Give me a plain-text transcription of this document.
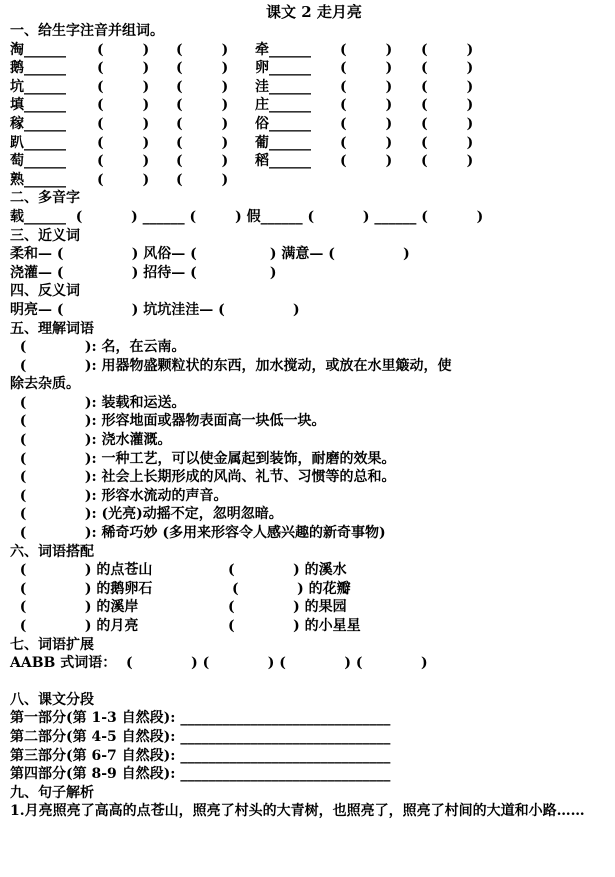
课文 2 走月亮
一、给生字注音并组词。
淘______ (        ) (        ) 牵______ (        ) (        )
鹅______ (        ) (        ) 卵______ (        ) (        )
坑______ (        ) (        ) 洼______ (        ) (        )
填______ (        ) (        ) 庄______ (        ) (        )
稼______ (        ) (        ) 俗______ (        ) (        )
趴______ (        ) (        ) 葡______ (        ) (        )
萄______ (        ) (        ) 稻______ (        ) (        )
熟______ (        ) (        )
二、多音字
载______  (          ) ______ (        ) 假______ (          ) ______ (          )
三、近义词
柔和— (              ) 风俗— (               ) 满意— (              )
浇灌— (              ) 招待— (               )
四、反义词
明亮— (              ) 坑坑洼洼— (              )
五、理解词语
(            ): 名，在云南。
(            ): 用器物盛颗粒状的东西，加水搅动，或放在水里簸动，使
除去杂质。
(            ): 装载和运送。
(            ): 形容地面或器物表面高一块低一块。
(            ): 浇水灌溉。
(            ): 一种工艺，可以使金属起到装饰，耐磨的效果。
(            ): 社会上长期形成的风尚、礼节、习惯等的总和。
(            ): 形容水流动的声音。
(            ): (光亮)动摇不定，忽明忽暗。
(            ): 稀奇巧妙 (多用来形容令人感兴趣的新奇事物)
六、词语搭配
(            ) 的点苍山	(            ) 的溪水
(            ) 的鹅卵石	(            ) 的花瓣
(            ) 的溪岸	(            ) 的果园
(            ) 的月亮	(            ) 的小星星
七、词语扩展
AABB 式词语：  (            ) (            ) (            ) (            )
八、课文分段
第一部分(第 1-3 自然段): ______________________________
第二部分(第 4-5 自然段): ______________________________
第三部分(第 6-7 自然段): ______________________________
第四部分(第 8-9 自然段): ______________________________
九、句子解析
1.月亮照亮了高高的点苍山，照亮了村头的大青树，也照亮了，照亮了村间的大道和小路……
